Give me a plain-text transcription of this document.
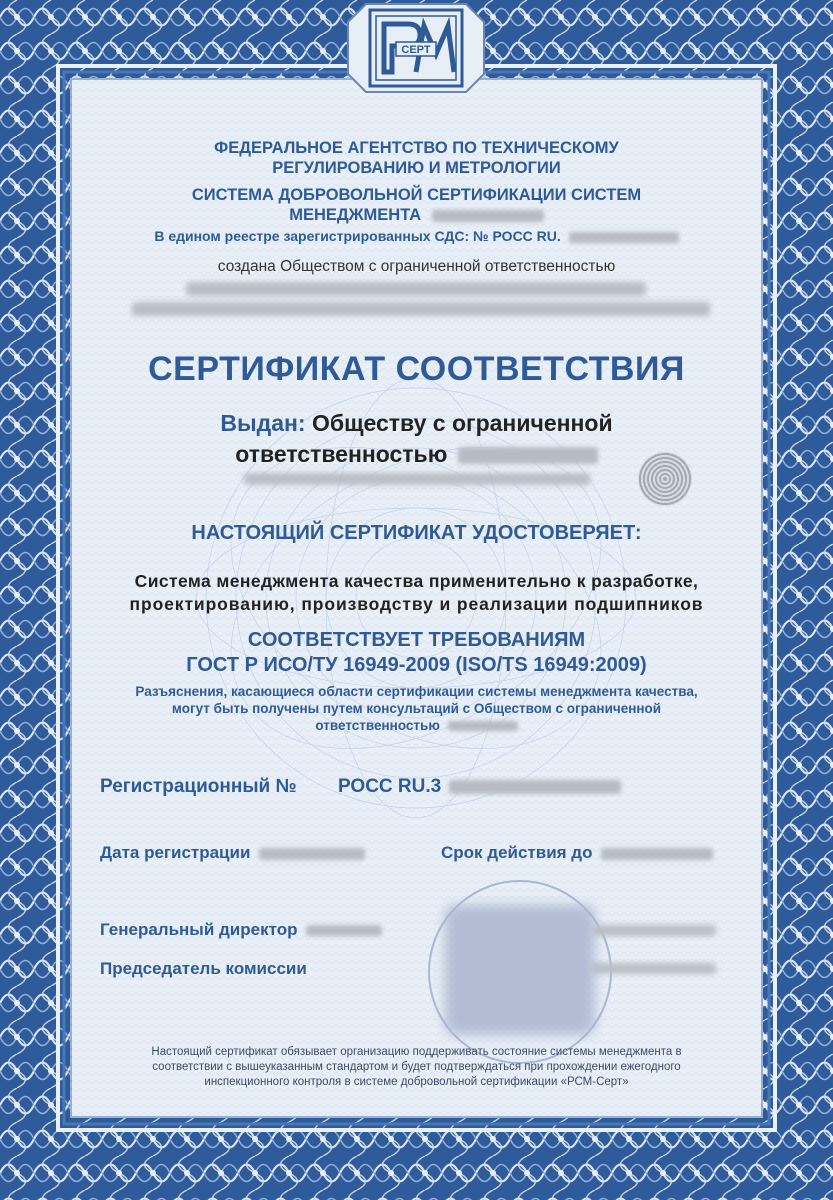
СЕРТ
ФЕДЕРАЛЬНОЕ АГЕНТСТВО ПО ТЕХНИЧЕСКОМУ
РЕГУЛИРОВАНИЮ И МЕТРОЛОГИИ
СИСТЕМА ДОБРОВОЛЬНОЙ СЕРТИФИКАЦИИ СИСТЕМ
МЕНЕДЖМЕНТА
В едином реестре зарегистрированных СДС: № РОСС RU.
создана Обществом с ограниченной ответственностью
СЕРТИФИКАТ СООТВЕТСТВИЯ
Выдан: Обществу с ограниченной
ответственностью
НАСТОЯЩИЙ СЕРТИФИКАТ УДОСТОВЕРЯЕТ:
Система менеджмента качества применительно к разработке,
проектированию, производству и реализации подшипников
СООТВЕТСТВУЕТ ТРЕБОВАНИЯМ
ГОСТ Р ИСО/ТУ 16949-2009 (ISO/TS 16949:2009)
Разъяснения, касающиеся области сертификации системы менеджмента качества,
могут быть получены путем консультаций с Обществом с ограниченной
ответственностью
Регистрационный № РОСС RU.3
Дата регистрации	Срок действия до
Генеральный директор
Председатель комиссии
Настоящий сертификат обязывает организацию поддерживать состояние системы менеджмента в
соответствии с вышеуказанным стандартом и будет подтверждаться при прохождении ежегодного
инспекционного контроля в системе добровольной сертификации «РСМ-Серт»
